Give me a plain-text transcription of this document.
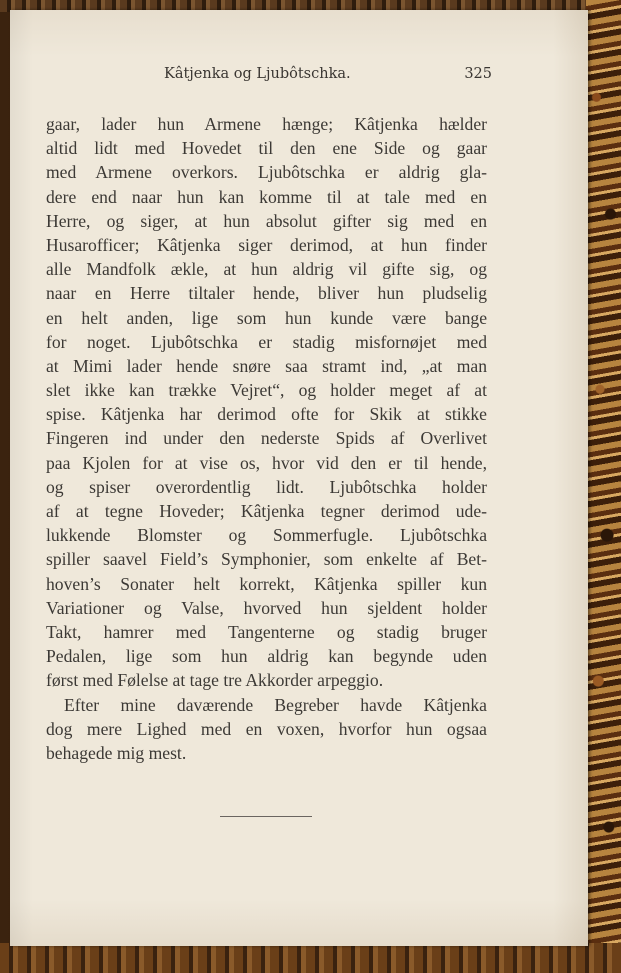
Kâtjenka og Ljubôtschka.	325
gaar, lader hun Armene hænge; Kâtjenka hælder
altid lidt med Hovedet til den ene Side og gaar
med Armene overkors. Ljubôtschka er aldrig gla-
dere end naar hun kan komme til at tale med en
Herre, og siger, at hun absolut gifter sig med en
Husarofficer; Kâtjenka siger derimod, at hun finder
alle Mandfolk ækle, at hun aldrig vil gifte sig, og
naar en Herre tiltaler hende, bliver hun pludselig
en helt anden, lige som hun kunde være bange
for noget. Ljubôtschka er stadig misfornøjet med
at Mimi lader hende snøre saa stramt ind, „at man
slet ikke kan trække Vejret“, og holder meget af at
spise. Kâtjenka har derimod ofte for Skik at stikke
Fingeren ind under den nederste Spids af Overlivet
paa Kjolen for at vise os, hvor vid den er til hende,
og spiser overordentlig lidt. Ljubôtschka holder
af at tegne Hoveder; Kâtjenka tegner derimod ude-
lukkende Blomster og Sommerfugle. Ljubôtschka
spiller saavel Field’s Symphonier, som enkelte af Bet-
hoven’s Sonater helt korrekt, Kâtjenka spiller kun
Variationer og Valse, hvorved hun sjeldent holder
Takt, hamrer med Tangenterne og stadig bruger
Pedalen, lige som hun aldrig kan begynde uden
først med Følelse at tage tre Akkorder arpeggio.
Efter mine daværende Begreber havde Kâtjenka
dog mere Lighed med en voxen, hvorfor hun ogsaa
behagede mig mest.
